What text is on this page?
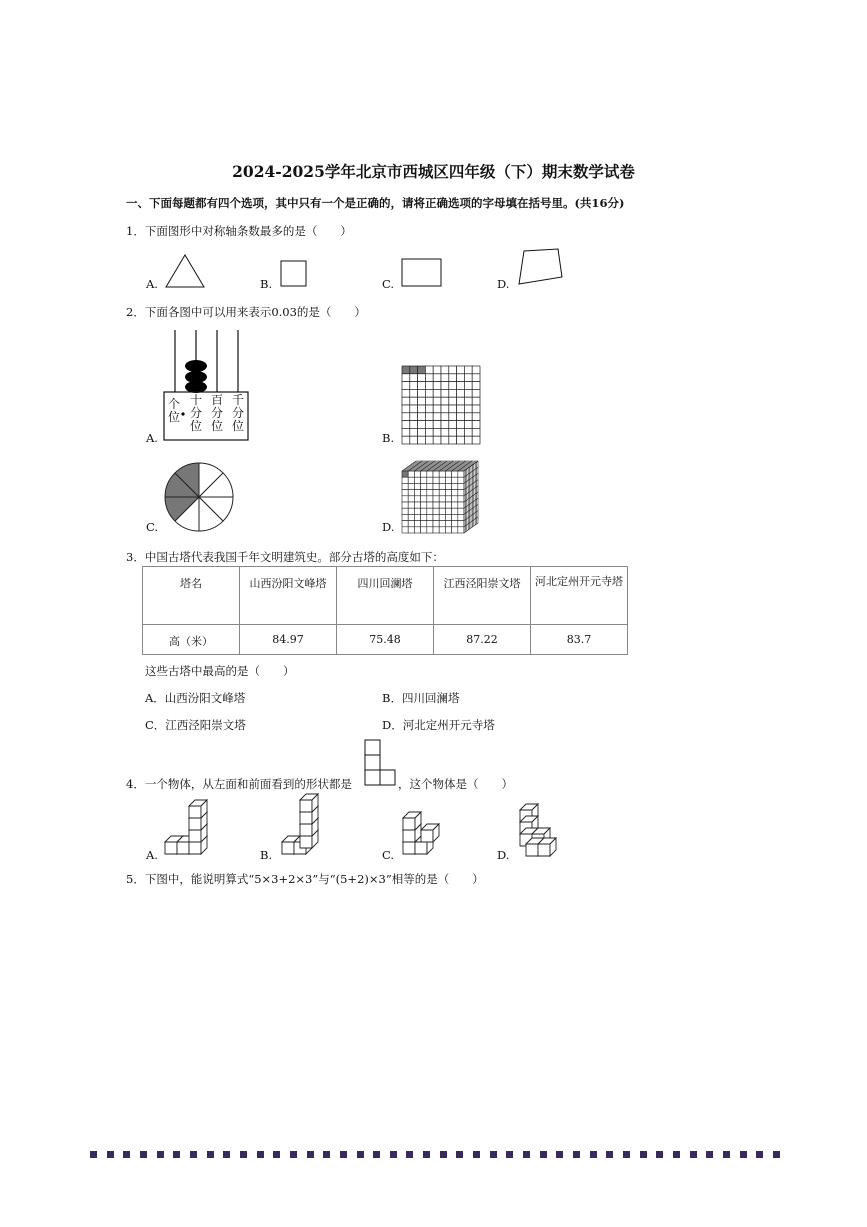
2024-2025学年北京市西城区四年级（下）期末数学试卷
一、下面每题都有四个选项，其中只有一个是正确的，请将正确选项的字母填在括号里。(共16分)
1．下面图形中对称轴条数最多的是（　　）
A.	B.	C.	D.
2．下面各图中可以用来表示0.03的是（　　）
A.
个
位
十
分
位
百
分
位
千
分
位
B.
C.	D.
3．中国古塔代表我国千年文明建筑史。部分古塔的高度如下：
塔名	山西汾阳文峰塔	四川回澜塔	江西泾阳崇文塔	河北定州开元寺塔
高（米）	84.97	75.48	87.22	83.7
这些古塔中最高的是（　　）
A．山西汾阳文峰塔	B．四川回澜塔
C．江西泾阳崇文塔	D．河北定州开元寺塔
4．一个物体，从左面和前面看到的形状都是	，这个物体是（　　）
A.	B.	C.	D.
5．下图中，能说明算式“5×3+2×3”与“(5+2)×3”相等的是（　　）
